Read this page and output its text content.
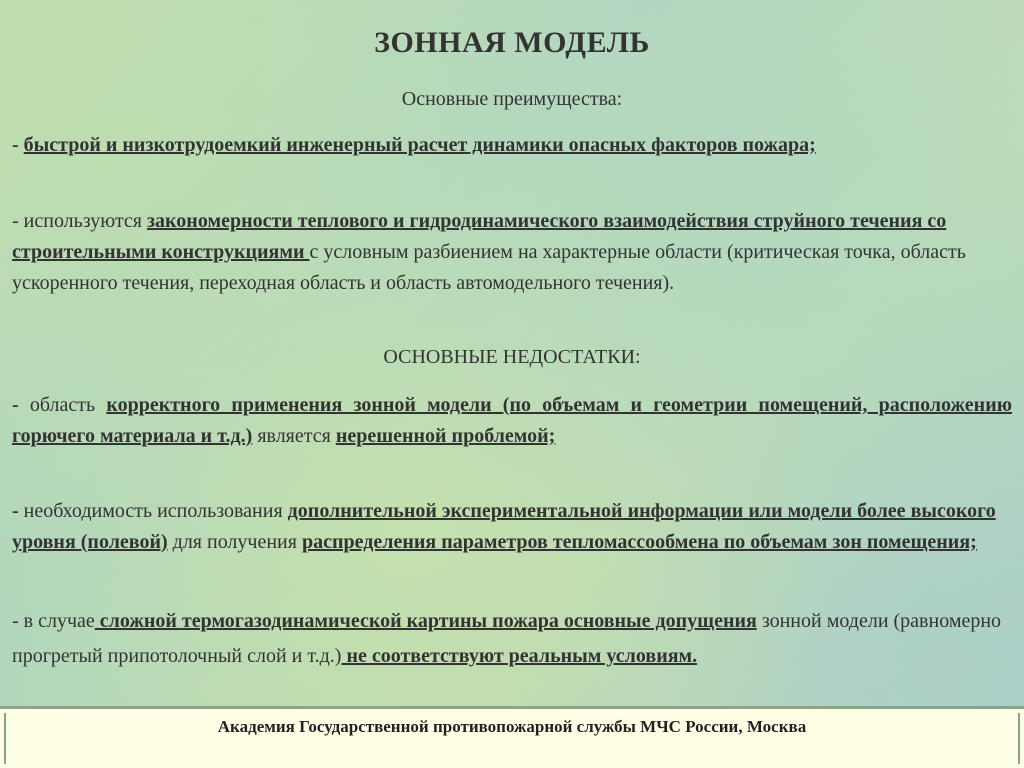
ЗОННАЯ МОДЕЛЬ
Основные преимущества:
- быстрой и низкотрудоемкий инженерный расчет динамики опасных факторов пожара;
- используются закономерности теплового и гидродинамического взаимодействия струйного течения со строительными конструкциями с условным разбиением на характерные области (критическая точка, область ускоренного течения, переходная область и область автомодельного течения).
ОСНОВНЫЕ НЕДОСТАТКИ:
- область корректного применения зонной модели (по объемам и геометрии помещений, расположению горючего материала и т.д.) является нерешенной проблемой;
- необходимость использования дополнительной экспериментальной информации или модели более высокого уровня (полевой) для получения распределения параметров тепломассообмена по объемам зон помещения;
- в случае сложной термогазодинамической картины пожара основные допущения зонной модели (равномерно прогретый припотолочный слой и т.д.) не соответствуют реальным условиям.
Академия Государственной противопожарной службы МЧС России, Москва
